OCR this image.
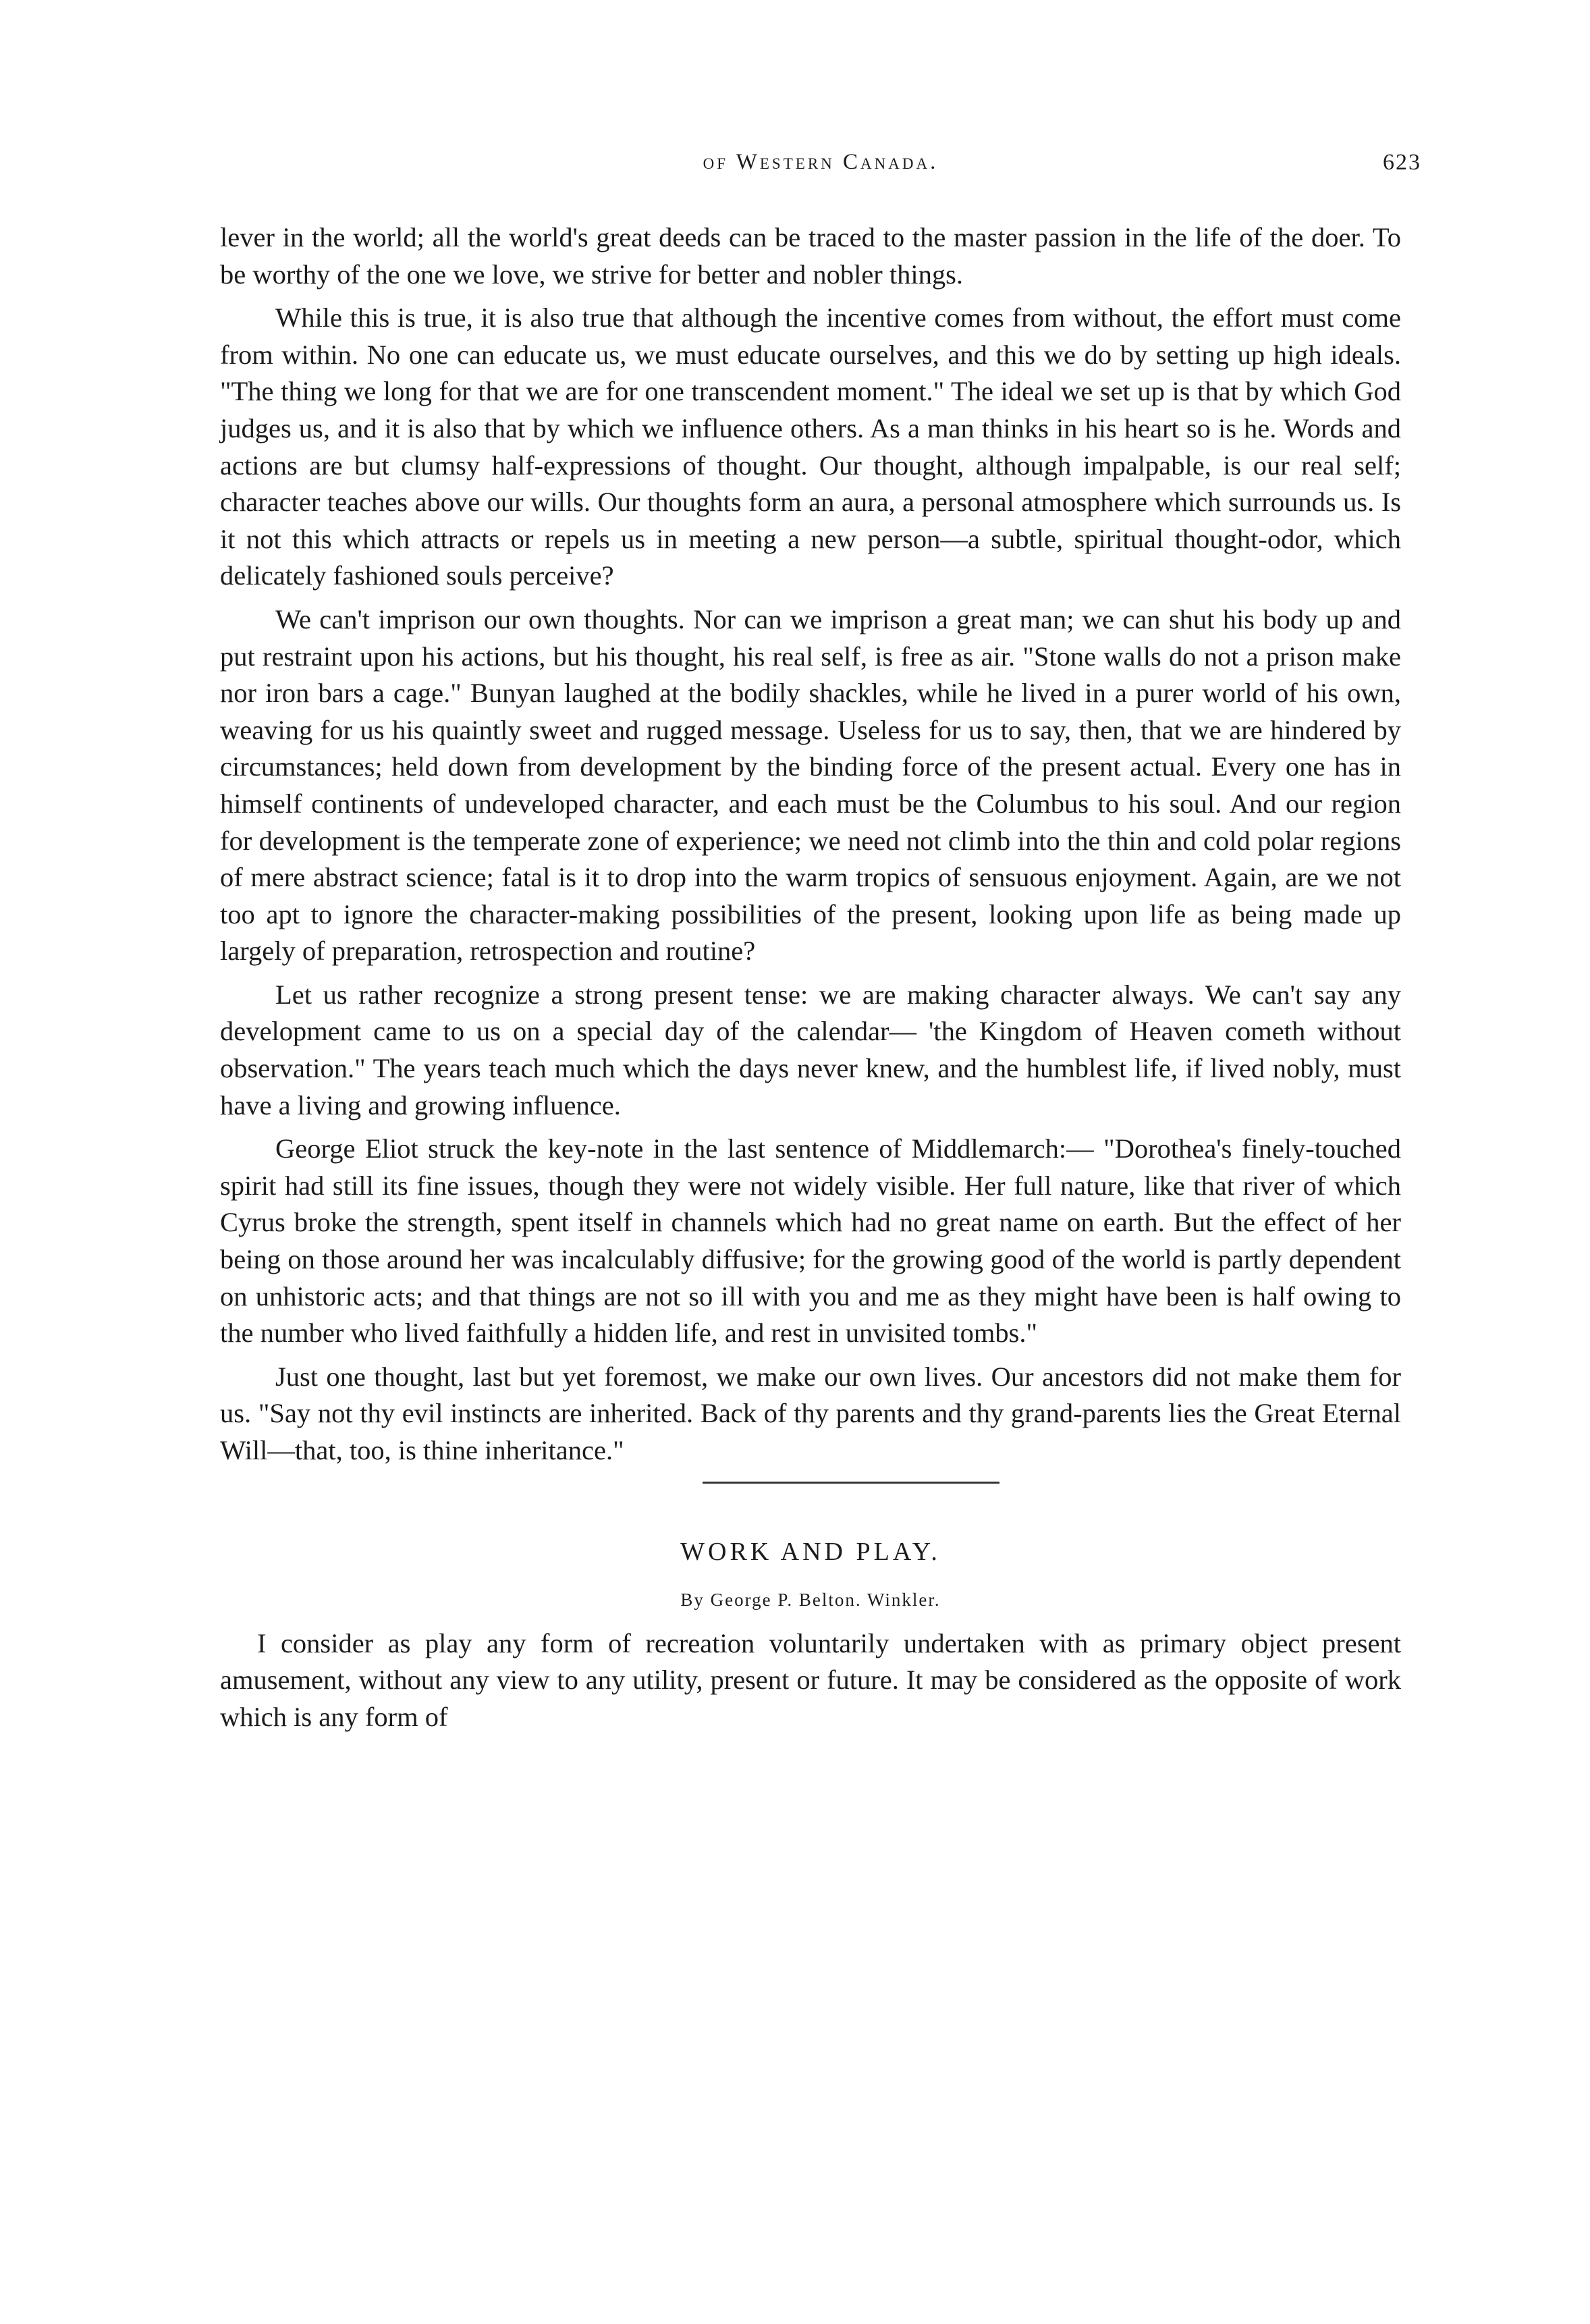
of Western Canada.	623

lever in the world; all the world's great deeds can be traced to the master passion in the life of the doer. To be worthy of the one we love, we strive for better and nobler things.

While this is true, it is also true that although the incentive comes from without, the effort must come from within. No one can educate us, we must educate ourselves, and this we do by setting up high ideals. "The thing we long for that we are for one transcendent moment." The ideal we set up is that by which God judges us, and it is also that by which we influence others. As a man thinks in his heart so is he. Words and actions are but clumsy half-expressions of thought. Our thought, although impalpable, is our real self; character teaches above our wills. Our thoughts form an aura, a personal atmosphere which surrounds us. Is it not this which attracts or repels us in meeting a new person—a subtle, spiritual thought-odor, which delicately fashioned souls perceive?

We can't imprison our own thoughts. Nor can we imprison a great man; we can shut his body up and put restraint upon his actions, but his thought, his real self, is free as air. "Stone walls do not a prison make nor iron bars a cage." Bunyan laughed at the bodily shackles, while he lived in a purer world of his own, weaving for us his quaintly sweet and rugged message. Useless for us to say, then, that we are hindered by circumstances; held down from development by the binding force of the present actual. Every one has in himself continents of undeveloped character, and each must be the Columbus to his soul. And our region for development is the temperate zone of experience; we need not climb into the thin and cold polar regions of mere abstract science; fatal is it to drop into the warm tropics of sensuous enjoyment. Again, are we not too apt to ignore the character-making possibilities of the present, looking upon life as being made up largely of preparation, retrospection and routine?

Let us rather recognize a strong present tense: we are making character always. We can't say any development came to us on a special day of the calendar— 'the Kingdom of Heaven cometh without observation." The years teach much which the days never knew, and the humblest life, if lived nobly, must have a living and growing influence.

George Eliot struck the key-note in the last sentence of Middlemarch:— "Dorothea's finely-touched spirit had still its fine issues, though they were not widely visible. Her full nature, like that river of which Cyrus broke the strength, spent itself in channels which had no great name on earth. But the effect of her being on those around her was incalculably diffusive; for the growing good of the world is partly dependent on unhistoric acts; and that things are not so ill with you and me as they might have been is half owing to the number who lived faithfully a hidden life, and rest in unvisited tombs."

Just one thought, last but yet foremost, we make our own lives. Our ancestors did not make them for us. "Say not thy evil instincts are inherited. Back of thy parents and thy grand-parents lies the Great Eternal Will—that, too, is thine inheritance."

WORK AND PLAY.
By George P. Belton. Winkler.

I consider as play any form of recreation voluntarily undertaken with as primary object present amusement, without any view to any utility, present or future. It may be considered as the opposite of work which is any form of
